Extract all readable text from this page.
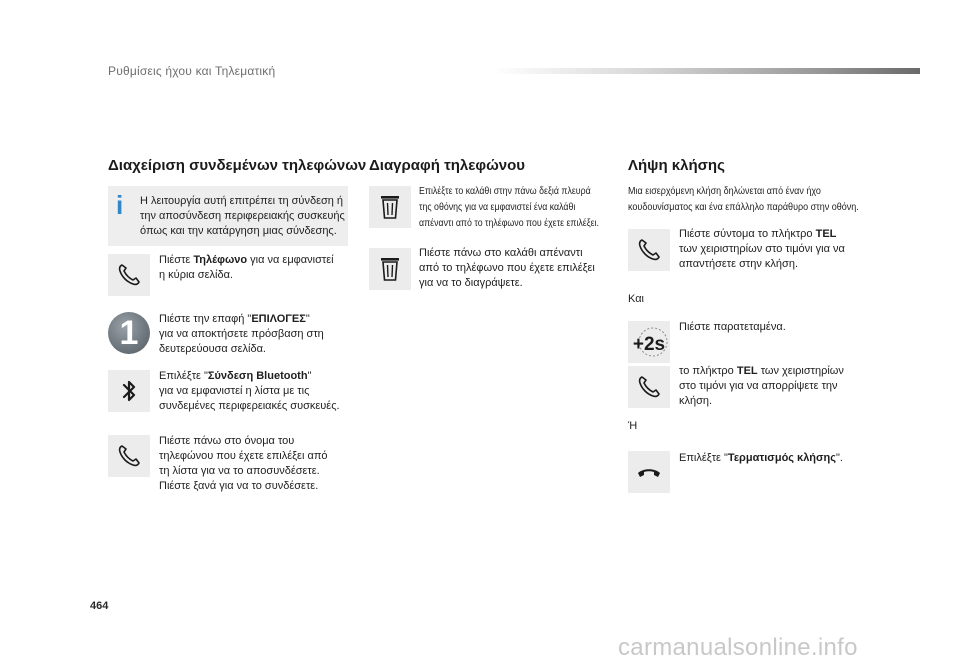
Ρυθμίσεις ήχου και Τηλεματική
Διαχείριση συνδεμένων τηλεφώνων
i Η λειτουργία αυτή επιτρέπει τη σύνδεση ή
την αποσύνδεση περιφερειακής συσκευής
όπως και την κατάργηση μιας σύνδεσης.
Πιέστε Τηλέφωνο για να εμφανιστεί
η κύρια σελίδα.
1	Πιέστε την επαφή "ΕΠΙΛΟΓΕΣ"
για να αποκτήσετε πρόσβαση στη
δευτερεύουσα σελίδα.
Επιλέξτε "Σύνδεση Bluetooth"
για να εμφανιστεί η λίστα με τις
συνδεμένες περιφερειακές συσκευές.
Πιέστε πάνω στο όνομα του
τηλεφώνου που έχετε επιλέξει από
τη λίστα για να το αποσυνδέσετε.
Πιέστε ξανά για να το συνδέσετε.
Διαγραφή τηλεφώνου
Επιλέξτε το καλάθι στην πάνω δεξιά πλευρά
της οθόνης για να εμφανιστεί ένα καλάθι
απέναντι από το τηλέφωνο που έχετε επιλέξει.
Πιέστε πάνω στο καλάθι απέναντι
από το τηλέφωνο που έχετε επιλέξει
για να το διαγράψετε.
Λήψη κλήσης
Μια εισερχόμενη κλήση δηλώνεται από έναν ήχο
κουδουνίσματος και ένα επάλληλο παράθυρο στην οθόνη.
Πιέστε σύντομα το πλήκτρο TEL
των χειριστηρίων στο τιμόνι για να
απαντήσετε στην κλήση.
Και
+2s
Πιέστε παρατεταμένα.
το πλήκτρο TEL των χειριστηρίων
στο τιμόνι για να απορρίψετε την
κλήση.
Ή
Επιλέξτε "Τερματισμός κλήσης".
464
carmanualsonline.info
